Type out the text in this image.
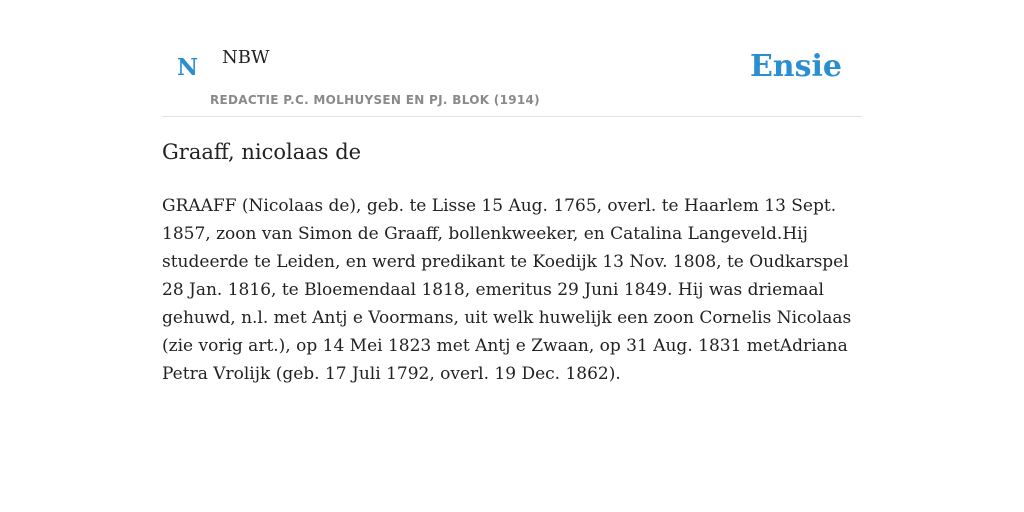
N NBW
REDACTIE P.C. MOLHUYSEN EN PJ. BLOK (1914)
Ensie
Graaff, nicolaas de

GRAAFF (Nicolaas de), geb. te Lisse 15 Aug. 1765, overl. te Haarlem 13 Sept. 1857, zoon van Simon de Graaff, bollenkweeker, en Catalina Langeveld.Hij studeerde te Leiden, en werd predikant te Koedijk 13 Nov. 1808, te Oudkarspel 28 Jan. 1816, te Bloemendaal 1818, emeritus 29 Juni 1849. Hij was driemaal gehuwd, n.l. met Antj e Voormans, uit welk huwelijk een zoon Cornelis Nicolaas (zie vorig art.), op 14 Mei 1823 met Antj e Zwaan, op 31 Aug. 1831 metAdriana Petra Vrolijk (geb. 17 Juli 1792, overl. 19 Dec. 1862).
